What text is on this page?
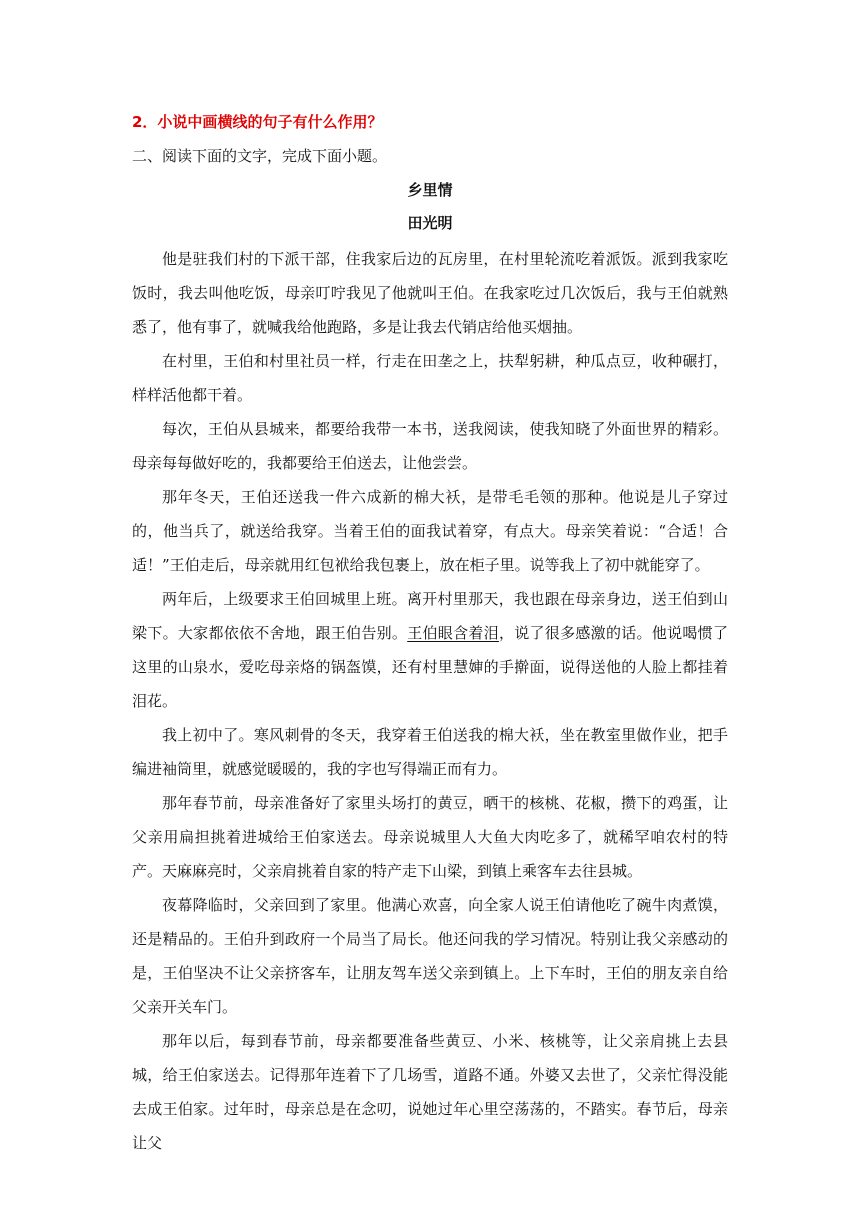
2．小说中画横线的句子有什么作用？
二、阅读下面的文字，完成下面小题。
乡里情
田光明

他是驻我们村的下派干部，住我家后边的瓦房里，在村里轮流吃着派饭。派到我家吃饭时，我去叫他吃饭，母亲叮咛我见了他就叫王伯。在我家吃过几次饭后，我与王伯就熟悉了，他有事了，就喊我给他跑路，多是让我去代销店给他买烟抽。

在村里，王伯和村里社员一样，行走在田垄之上，扶犁躬耕，种瓜点豆，收种碾打，样样活他都干着。

每次，王伯从县城来，都要给我带一本书，送我阅读，使我知晓了外面世界的精彩。母亲每每做好吃的，我都要给王伯送去，让他尝尝。

那年冬天，王伯还送我一件六成新的棉大袄，是带毛毛领的那种。他说是儿子穿过的，他当兵了，就送给我穿。当着王伯的面我试着穿，有点大。母亲笑着说：“合适！合适！”王伯走后，母亲就用红包袱给我包裹上，放在柜子里。说等我上了初中就能穿了。

两年后，上级要求王伯回城里上班。离开村里那天，我也跟在母亲身边，送王伯到山梁下。大家都依依不舍地，跟王伯告别。王伯眼含着泪，说了很多感激的话。他说喝惯了这里的山泉水，爱吃母亲烙的锅盔馍，还有村里慧婶的手擀面，说得送他的人脸上都挂着泪花。

我上初中了。寒风刺骨的冬天，我穿着王伯送我的棉大袄，坐在教室里做作业，把手编进袖筒里，就感觉暖暖的，我的字也写得端正而有力。

那年春节前，母亲准备好了家里头场打的黄豆，晒干的核桃、花椒，攒下的鸡蛋，让父亲用扁担挑着进城给王伯家送去。母亲说城里人大鱼大肉吃多了，就稀罕咱农村的特产。天麻麻亮时，父亲肩挑着自家的特产走下山梁，到镇上乘客车去往县城。

夜幕降临时，父亲回到了家里。他满心欢喜，向全家人说王伯请他吃了碗牛肉煮馍，还是精品的。王伯升到政府一个局当了局长。他还问我的学习情况。特别让我父亲感动的是，王伯坚决不让父亲挤客车，让朋友驾车送父亲到镇上。上下车时，王伯的朋友亲自给父亲开关车门。

那年以后，每到春节前，母亲都要准备些黄豆、小米、核桃等，让父亲肩挑上去县城，给王伯家送去。记得那年连着下了几场雪，道路不通。外婆又去世了，父亲忙得没能去成王伯家。过年时，母亲总是在念叨，说她过年心里空荡荡的，不踏实。春节后，母亲让父
